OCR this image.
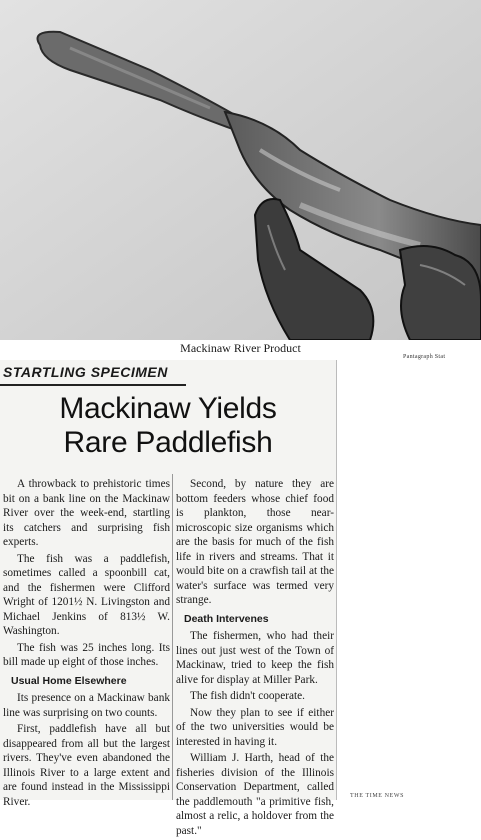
Mackinaw River Product
Pantagraph Stat
STARTLING SPECIMEN
Mackinaw Yields
Rare Paddlefish

A throwback to prehistoric times bit on a bank line on the Mackinaw River over the week-end, startling its catchers and surprising fish experts.

The fish was a paddlefish, sometimes called a spoonbill cat, and the fishermen were Clifford Wright of 1201½ N. Livingston and Michael Jenkins of 813½ W. Washington.

The fish was 25 inches long. Its bill made up eight of those inches.

Usual Home Elsewhere

Its presence on a Mackinaw bank line was surprising on two counts.

First, paddlefish have all but disappeared from all but the largest rivers. They've even abandoned the Illinois River to a large extent and are found instead in the Mississippi River.

Second, by nature they are bottom feeders whose chief food is plankton, those near-microscopic size organisms which are the basis for much of the fish life in rivers and streams. That it would bite on a crawfish tail at the water's surface was termed very strange.

Death Intervenes

The fishermen, who had their lines out just west of the Town of Mackinaw, tried to keep the fish alive for display at Miller Park.

The fish didn't cooperate.

Now they plan to see if either of the two universities would be interested in having it.

William J. Harth, head of the fisheries division of the Illinois Conservation Department, called the paddlemouth "a primitive fish, almost a relic, a holdover from the past."

THE TIME NEWS
